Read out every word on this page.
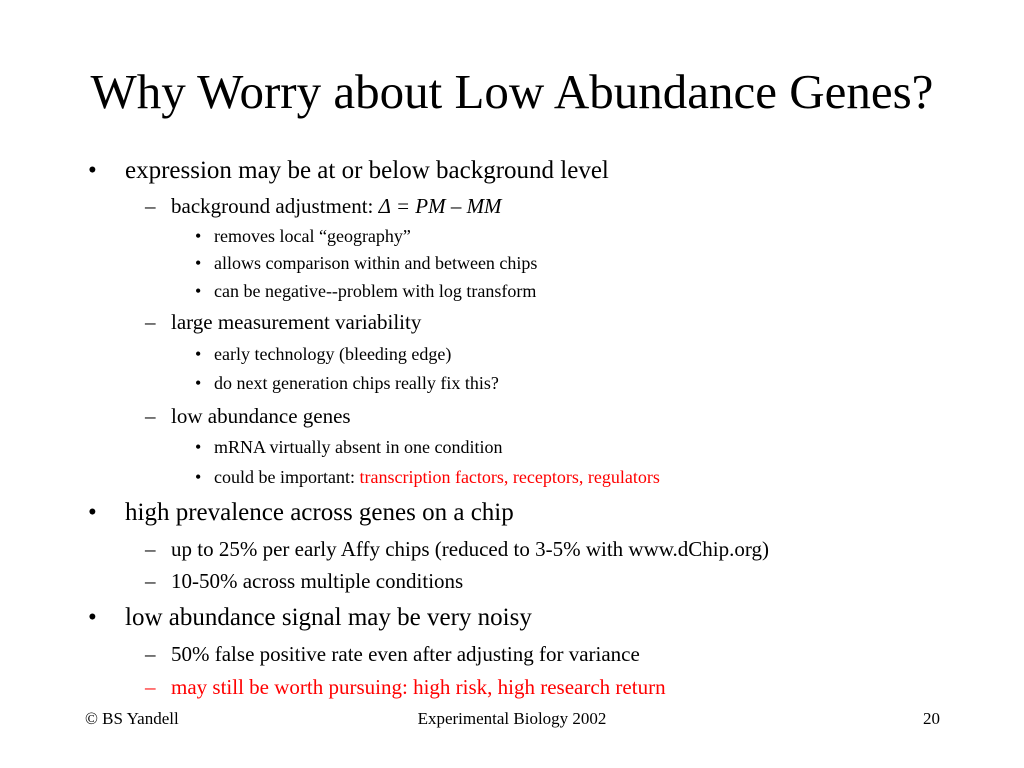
Why Worry about Low Abundance Genes?
• expression may be at or below background level
– background adjustment: Δ = PM – MM
• removes local “geography”
• allows comparison within and between chips
• can be negative--problem with log transform
– large measurement variability
• early technology (bleeding edge)
• do next generation chips really fix this?
– low abundance genes
• mRNA virtually absent in one condition
• could be important: transcription factors, receptors, regulators
• high prevalence across genes on a chip
– up to 25% per early Affy chips (reduced to 3-5% with www.dChip.org)
– 10-50% across multiple conditions
• low abundance signal may be very noisy
– 50% false positive rate even after adjusting for variance
– may still be worth pursuing: high risk, high research return
© BS Yandell	Experimental Biology 2002	20
